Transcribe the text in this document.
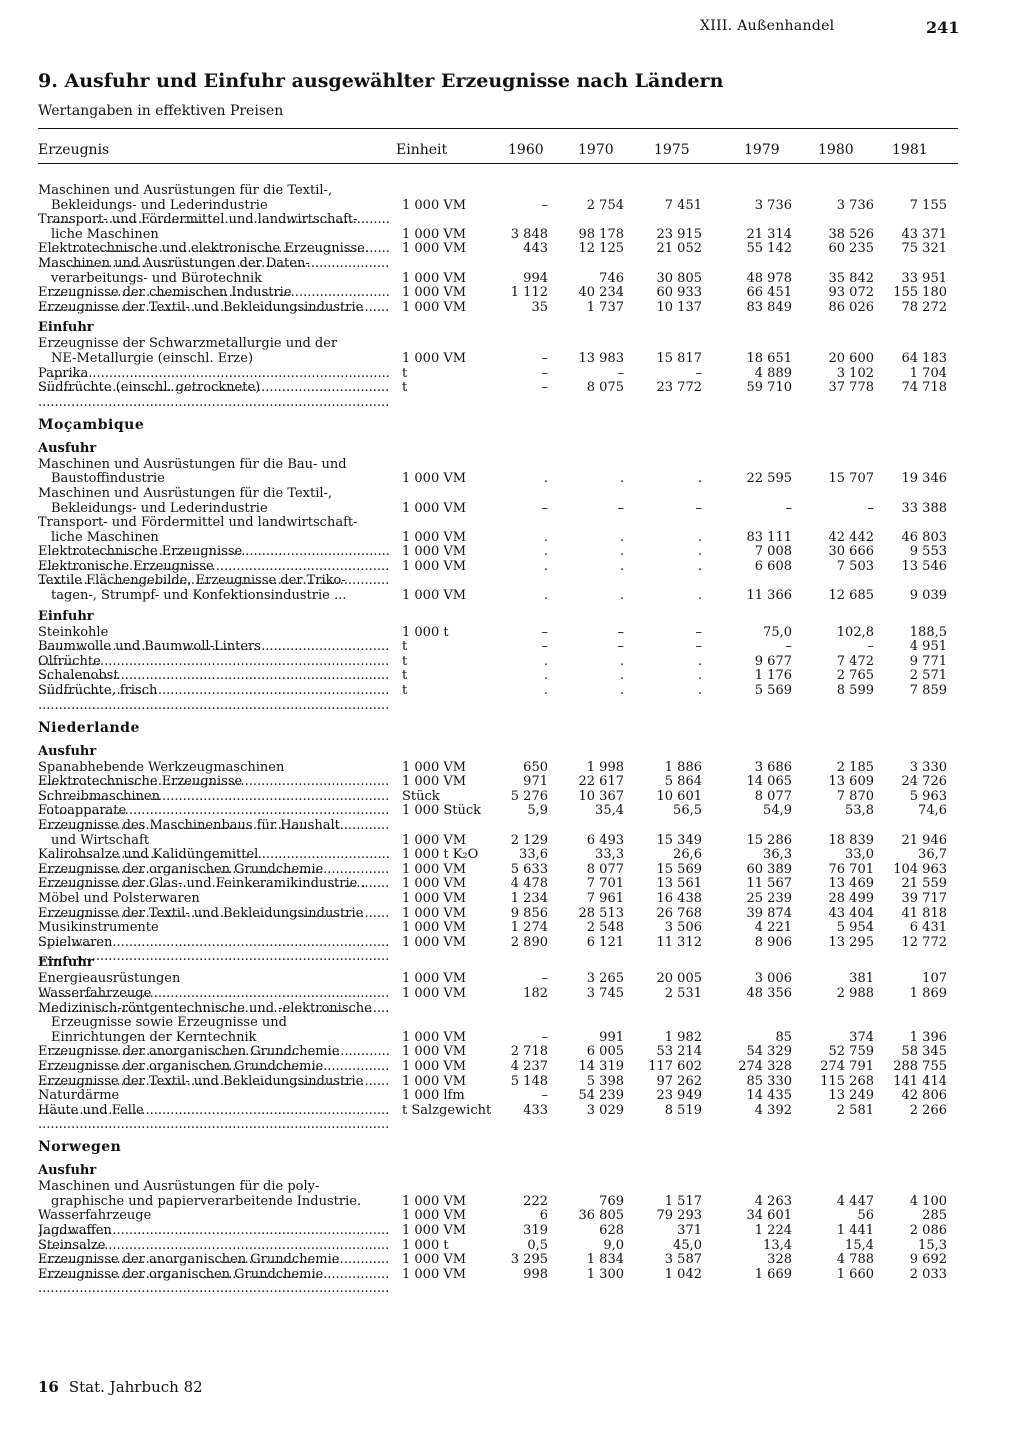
XIII. Außenhandel	241
9. Ausfuhr und Einfuhr ausgewählter Erzeugnisse nach Ländern
Wertangaben in effektiven Preisen
Erzeugnis	Einheit	1960 1970	1975	1979	1980	1981
Maschinen und Ausrüstungen für die Textil-,
Bekleidungs- und Lederindustrie .....	1 000 VM	–	2 754	7 451	3 736	3 736	7 155
Transport- und Fördermittel und landwirtschaft-
liche Maschinen .....	1 000 VM	3 848	98 178	23 915	21 314	38 526	43 371
Elektrotechnische und elektronische Erzeugnisse. .....	1 000 VM	443	12 125	21 052	55 142	60 235	75 321
Maschinen und Ausrüstungen der Daten-
verarbeitungs- und Bürotechnik .....	1 000 VM	994	746	30 805	48 978	35 842	33 951
Erzeugnisse der chemischen Industrie .....	1 000 VM	1 112	40 234	60 933	66 451	93 072	155 180
Erzeugnisse der Textil- und Bekleidungsindustrie	1 000 VM	35	1 737	10 137	83 849	86 026	78 272
Einfuhr
Erzeugnisse der Schwarzmetallurgie und der
NE-Metallurgie (einschl. Erze) .....	1 000 VM	–	13 983	15 817	18 651	20 600	64 183
Paprika .....	t	–	–	–	4 889	3 102	1 704
Südfrüchte (einschl. getrocknete) .....	t	–	8 075	23 772	59 710	37 778	74 718
Moçambique
Ausfuhr
Maschinen und Ausrüstungen für die Bau- und
Baustoffindustrie	1 000 VM	.	.	.	22 595	15 707	19 346
Maschinen und Ausrüstungen für die Textil-,
Bekleidungs- und Lederindustrie	1 000 VM	–	–	–	–	–	33 388
Transport- und Fördermittel und landwirtschaft-
liche Maschinen .....	1 000 VM	.	.	.	83 111	42 442	46 803
Elektrotechnische Erzeugnisse .....	1 000 VM	.	.	.	7 008	30 666	9 553
Elektronische Erzeugnisse .....	1 000 VM	.	.	.	6 608	7 503	13 546
Textile Flächengebilde, Erzeugnisse der Triko-
tagen-, Strumpf- und Konfektionsindustrie ...	1 000 VM	.	.	.	11 366	12 685	9 039
Einfuhr
Steinkohle .....	1 000 t	–	–	–	75,0	102,8	188,5
Baumwolle und Baumwoll-Linters .....	t	–	–	–	–	–	4 951
Ölfrüchte .....	t	.	.	.	9 677	7 472	9 771
Schalenobst .....	t	.	.	.	1 176	2 765	2 571
Südfrüchte, frisch .....	t	.	.	.	5 569	8 599	7 859
Niederlande
Ausfuhr
Spanabhebende Werkzeugmaschinen .....	1 000 VM	650	1 998	1 886	3 686	2 185	3 330
Elektrotechnische Erzeugnisse .....	1 000 VM	971	22 617	5 864	14 065	13 609	24 726
Schreibmaschinen .....	Stück	5 276	10 367	10 601	8 077	7 870	5 963
Fotoapparate .....	1 000 Stück	5,9	35,4	56,5	54,9	53,8	74,6
Erzeugnisse des Maschinenbaus für Haushalt
und Wirtschaft .....	1 000 VM	2 129	6 493	15 349	15 286	18 839	21 946
Kalirohsalze und Kalidüngemittel .....	1 000 t K₂O	33,6	33,3	26,6	36,3	33,0	36,7
Erzeugnisse der organischen Grundchemie .....	1 000 VM	5 633	8 077	15 569	60 389	76 701	104 963
Erzeugnisse der Glas- und Feinkeramikindustrie .	1 000 VM	4 478	7 701	13 561	11 567	13 469	21 559
Möbel und Polsterwaren .....	1 000 VM	1 234	7 961	16 438	25 239	28 499	39 717
Erzeugnisse der Textil- und Bekleidungsindustrie	1 000 VM	9 856	28 513	26 768	39 874	43 404	41 818
Musikinstrumente .....	1 000 VM	1 274	2 548	3 506	4 221	5 954	6 431
Spielwaren .....	1 000 VM	2 890	6 121	11 312	8 906	13 295	12 772
Einfuhr
Energieausrüstungen .....	1 000 VM	–	3 265	20 005	3 006	381	107
Wasserfahrzeuge .....	1 000 VM	182	3 745	2 531	48 356	2 988	1 869
Medizinisch-röntgentechnische und -elektronische
Erzeugnisse sowie Erzeugnisse und
Einrichtungen der Kerntechnik .....	1 000 VM	–	991	1 982	85	374	1 396
Erzeugnisse der anorganischen Grundchemie .....	1 000 VM	2 718	6 005	53 214	54 329	52 759	58 345
Erzeugnisse der organischen Grundchemie .....	1 000 VM	4 237	14 319	117 602	274 328	274 791	288 755
Erzeugnisse der Textil- und Bekleidungsindustrie	1 000 VM	5 148	5 398	97 262	85 330	115 268	141 414
Naturdärme .....	1 000 lfm	–	54 239	23 949	14 435	13 249	42 806
Häute und Felle .....	t Salzgewicht	433	3 029	8 519	4 392	2 581	2 266
Norwegen
Ausfuhr
Maschinen und Ausrüstungen für die poly-
graphische und papierverarbeitende Industrie.	1 000 VM	222	769	1 517	4 263	4 447	4 100
Wasserfahrzeuge .....	1 000 VM	6	36 805	79 293	34 601	56	285
Jagdwaffen .....	1 000 VM	319	628	371	1 224	1 441	2 086
Steinsalze .....	1 000 t	0,5	9,0	45,0	13,4	15,4	15,3
Erzeugnisse der anorganischen Grundchemie .....	1 000 VM	3 295	1 834	3 587	328	4 788	9 692
Erzeugnisse der organischen Grundchemie .....	1 000 VM	998	1 300	1 042	1 669	1 660	2 033
16 Stat. Jahrbuch 82
